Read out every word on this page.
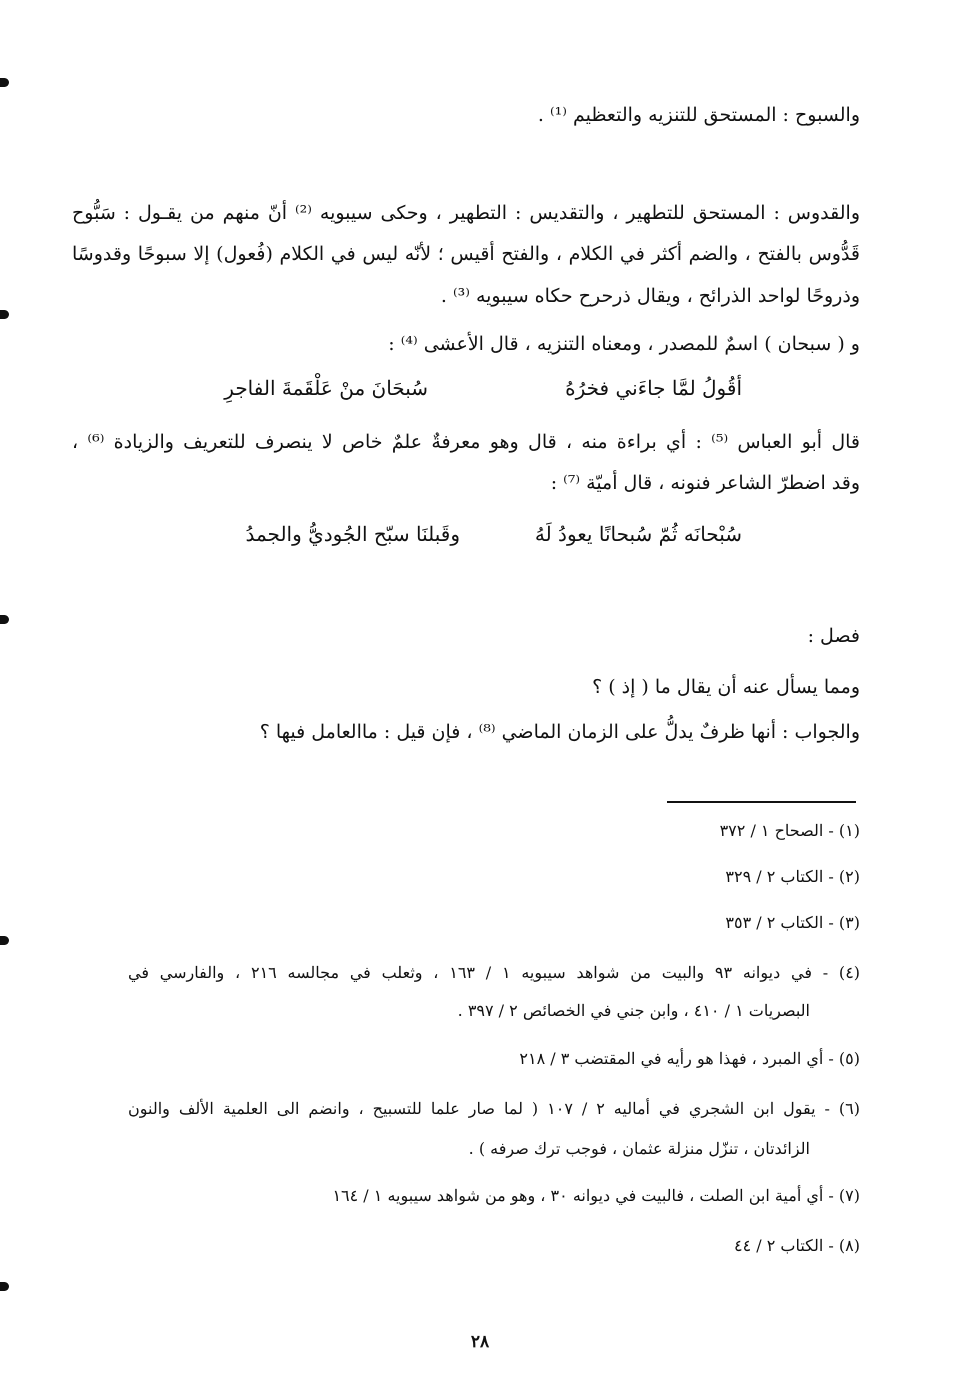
والسبوح : المستحق للتنزيه والتعظيم ⁽¹⁾ .
والقدوس : المستحق للتطهير ، والتقديس : التطهير ، وحكى سيبويه ⁽²⁾ أنّ منهم من يقـول : سَبُّوح
قَدُّوس بالفتح ، والضم أكثر في الكلام ، والفتح أقيس ؛ لأنّه ليس في الكلام (فُعول) إلا سبوحًا وقدوسًا
وذروحًا لواحد الذرائح ، ويقال ذرحرح حكاه سيبويه ⁽³⁾ .
و ( سبحان ) اسمٌ للمصدر ، ومعناه التنزيه ، قال الأعشى ⁽⁴⁾ :
أقُولُ لمَّا جاءَني فخرُهُ
سُبحَانَ منْ عَلْقَمةَ الفاجرِ
قال أبو العباس ⁽⁵⁾ : أي براءة منه ، قال وهو معرفةٌ علمٌ خاص لا ينصرف للتعريف والزيادة ⁽⁶⁾ ،
وقد اضطرّ الشاعر فنونه ، قال أميّة ⁽⁷⁾ :
سُبْحانَه ثُمّ سُبحانًا يعودُ لَهُ
وقَبلنَا سبّح الجُوديُّ والجمدُ
فصل :
ومما يسأل عنه أن يقال ما ( إذ ) ؟
والجواب : أنها ظرفٌ يدلُّ على الزمان الماضي ⁽⁸⁾ ، فإن قيل : ماالعامل فيها ؟
(١) - الصحاح ١ / ٣٧٢
(٢) - الكتاب ٢ / ٣٢٩
(٣) - الكتاب ٢ / ٣٥٣
(٤) - في ديوانه ٩٣ والبيت من شواهد سيبويه ١ / ١٦٣ ، وثعلب في مجالسه ٢١٦ ، والفارسي في
البصريات ١ / ٤١٠ ، وابن جني في الخصائص ٢ / ٣٩٧ .
(٥) - أي المبرد ، فهذا هو رأيه في المقتضب ٣ / ٢١٨
(٦) - يقول ابن الشجري في أماليه ٢ / ١٠٧ ( لما صار علما للتسبيح ، وانضم الى العلمية الألف والنون
الزائدتان ، تنزّل منزلة عثمان ، فوجب ترك صرفه ) .
(٧) - أي أمية ابن الصلت ، فالبيت في ديوانه ٣٠ ، وهو من شواهد سيبويه ١ / ١٦٤
(٨) - الكتاب ٢ / ٤٤
٢٨
